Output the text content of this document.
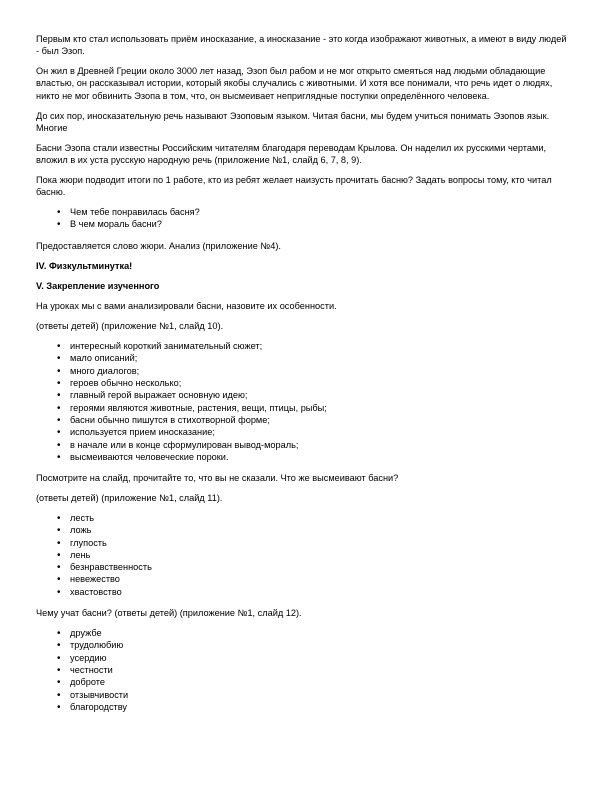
Первым кто стал использовать приём иносказание, а иносказание - это когда изображают животных, а имеют в виду людей - был Эзоп.

Он жил в Древней Греции около 3000 лет назад, Эзоп был рабом и не мог открыто смеяться над людьми обладающие властью, он рассказывал истории, который якобы случались с животными. И хотя все понимали, что речь идет о людях, никто не мог обвинить Эзопа в том, что, он высмеивает неприглядные поступки определённого человека.

До сих пор, иносказательную речь называют Эзоповым языком. Читая басни, мы будем учиться понимать Эзопов язык. Многие

Басни Эзопа стали известны Российским читателям благодаря переводам Крылова. Он наделил их русскими чертами, вложил в их уста русскую народную речь (приложение №1, слайд 6, 7, 8, 9).

Пока жюри подводит итоги по 1 работе, кто из ребят желает наизусть прочитать басню? Задать вопросы тому, кто читал басню.

• Чем тебе понравилась басня?
• В чем мораль басни?

Предоставляется слово жюри. Анализ (приложение №4).

IV. Физкультминутка!

V. Закрепление изученного

На уроках мы с вами анализировали басни, назовите их особенности.

(ответы детей) (приложение №1, слайд 10).

• интересный короткий занимательный сюжет;
• мало описаний;
• много диалогов;
• героев обычно несколько;
• главный герой выражает основную идею;
• героями являются животные, растения, вещи, птицы, рыбы;
• басни обычно пишутся в стихотворной форме;
• используется прием иносказание;
• в начале или в конце сформулирован вывод-мораль;
• высмеиваются человеческие пороки.

Посмотрите на слайд, прочитайте то, что вы не сказали. Что же высмеивают басни?

(ответы детей) (приложение №1, слайд 11).

• лесть
• ложь
• глупость
• лень
• безнравственность
• невежество
• хвастовство

Чему учат басни? (ответы детей) (приложение №1, слайд 12).

• дружбе
• трудолюбию
• усердию
• честности
• доброте
• отзывчивости
• благородству
